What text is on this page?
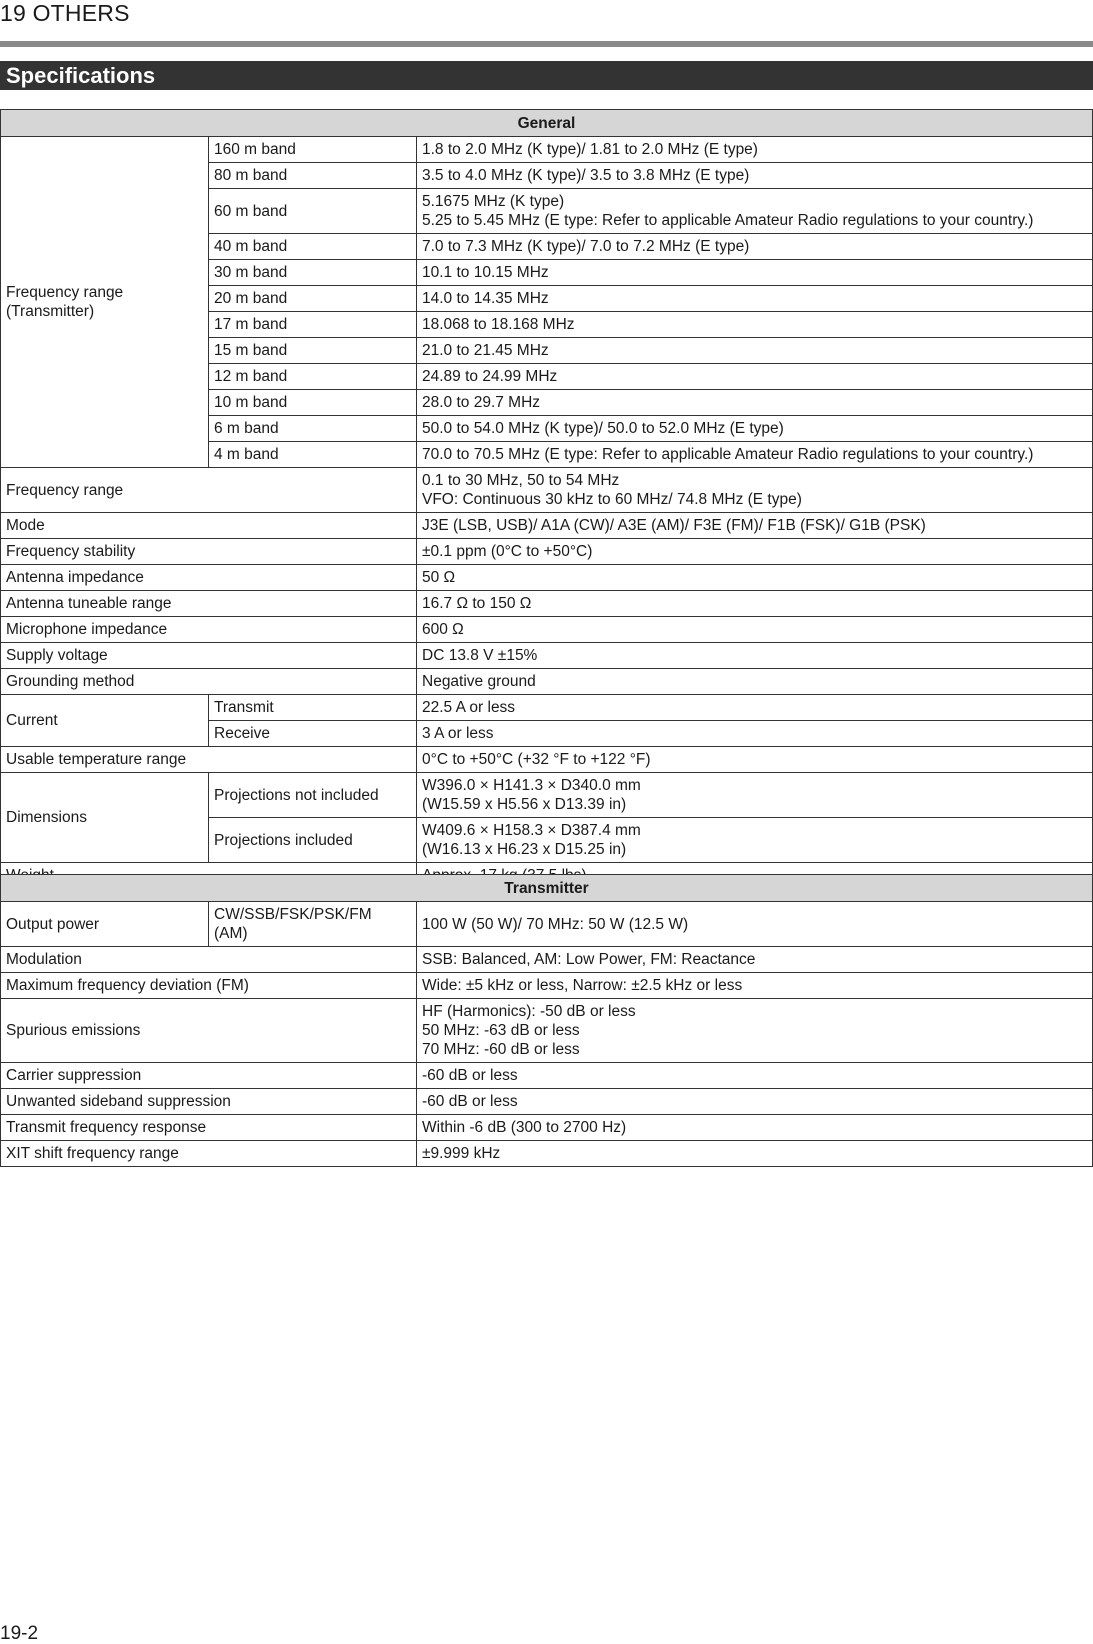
19 OTHERS
Specifications
General		

Frequency range
(Transmitter)	160 m band	1.8 to 2.0 MHz (K type)/ 1.81 to 2.0 MHz (E type)

	80 m band	3.5 to 4.0 MHz (K type)/ 3.5 to 3.8 MHz (E type)

	60 m band	5.1675 MHz (K type)
5.25 to 5.45 MHz (E type: Refer to applicable Amateur Radio regulations to your country.)

	40 m band	7.0 to 7.3 MHz (K type)/ 7.0 to 7.2 MHz (E type)

	30 m band	10.1 to 10.15 MHz

	20 m band	14.0 to 14.35 MHz

	17 m band	18.068 to 18.168 MHz

	15 m band	21.0 to 21.45 MHz

	12 m band	24.89 to 24.99 MHz

	10 m band	28.0 to 29.7 MHz

	6 m band	50.0 to 54.0 MHz (K type)/ 50.0 to 52.0 MHz (E type)

	4 m band	70.0 to 70.5 MHz (E type: Refer to applicable Amateur Radio regulations to your country.)

Frequency range		0.1 to 30 MHz, 50 to 54 MHz
VFO: Continuous 30 kHz to 60 MHz/ 74.8 MHz (E type)

Mode		J3E (LSB, USB)/ A1A (CW)/ A3E (AM)/ F3E (FM)/ F1B (FSK)/ G1B (PSK)
Frequency stability		±0.1 ppm (0°C to +50°C)
Antenna impedance		50 Ω
Antenna tuneable range		16.7 Ω to 150 Ω
Microphone impedance		600 Ω
Supply voltage		DC 13.8 V ±15%
Grounding method		Negative ground
Current	Transmit	22.5 A or less
	Receive	3 A or less
Usable temperature range		0°C to +50°C (+32 °F to +122 °F)
Dimensions	Projections not included	W396.0 × H141.3 × D340.0 mm
(W15.59 x H5.56 x D13.39 in)

	Projections included	W409.6 × H158.3 × D387.4 mm
(W16.13 x H6.23 x D15.25 in)

Transmitter		
Output power	CW/SSB/FSK/PSK/FM
(AM)	100 W (50 W)/ 70 MHz: 50 W (12.5 W)
Modulation		SSB: Balanced, AM: Low Power, FM: Reactance
Maximum frequency deviation (FM)		Wide: ±5 kHz or less, Narrow: ±2.5 kHz or less
Spurious emissions		HF (Harmonics): -50 dB or less
50 MHz: -63 dB or less
70 MHz: -60 dB or less

Carrier suppression		-60 dB or less
Unwanted sideband suppression		-60 dB or less
Transmit frequency response		Within -6 dB (300 to 2700 Hz)
XIT shift frequency range		±9.999 kHz
19-2
